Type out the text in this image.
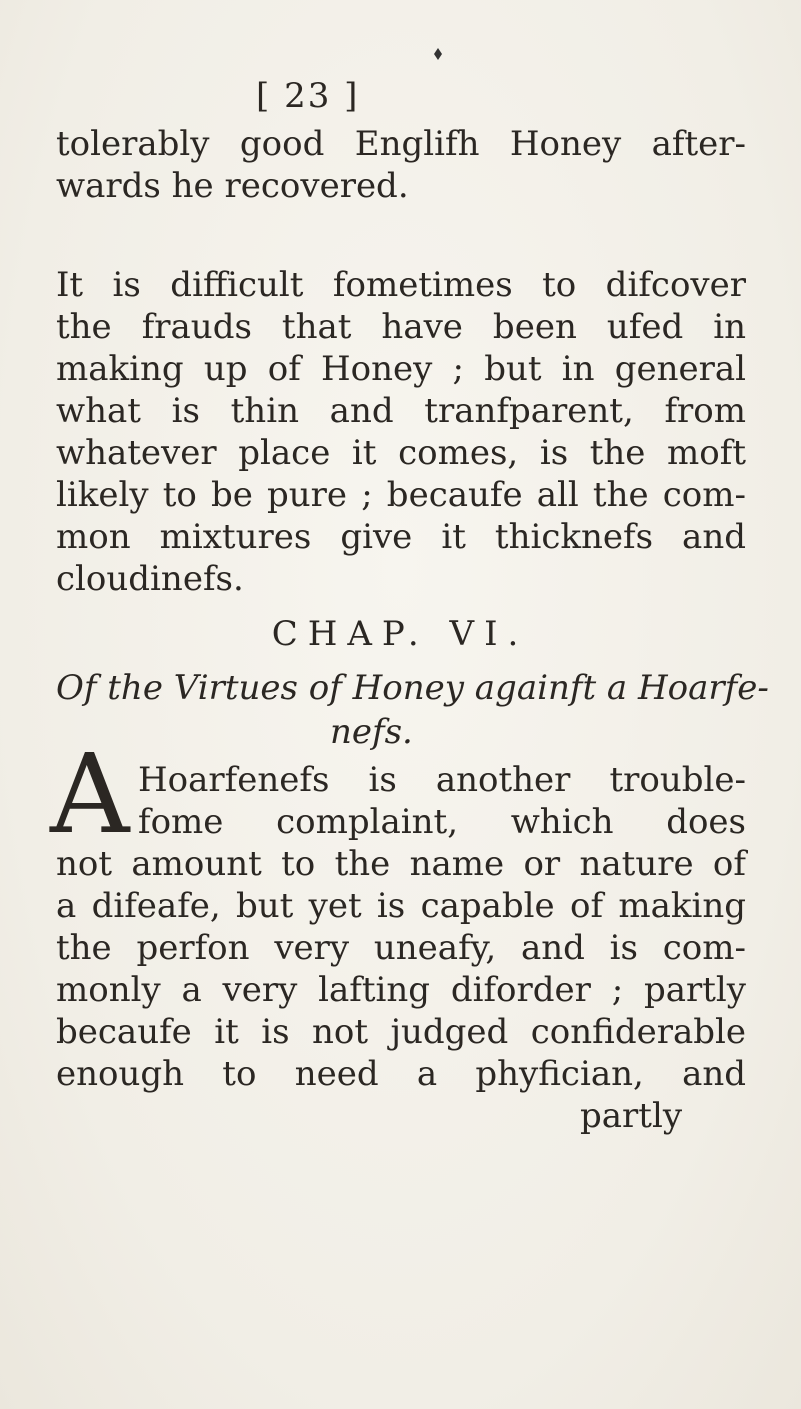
[ 23 ]
tolerably good Englifh Honey after-
wards he recovered.
It is difficult fometimes to difcover
the frauds that have been ufed in
making up of Honey ; but in general
what is thin and tranfparent, from
whatever place it comes, is the moft
likely to be pure ; becaufe all the com-
mon mixtures give it thicknefs and
cloudinefs.
CHAP. VI.
Of the Virtues of Honey againft a Hoarfe-
nefs.
A Hoarfenefs is another trouble-
fome complaint, which does
not amount to the name or nature of
a difeafe, but yet is capable of making
the perfon very uneafy, and is com-
monly a very lafting diforder ; partly
becaufe it is not judged confiderable
enough to need a phyfician, and
partly
